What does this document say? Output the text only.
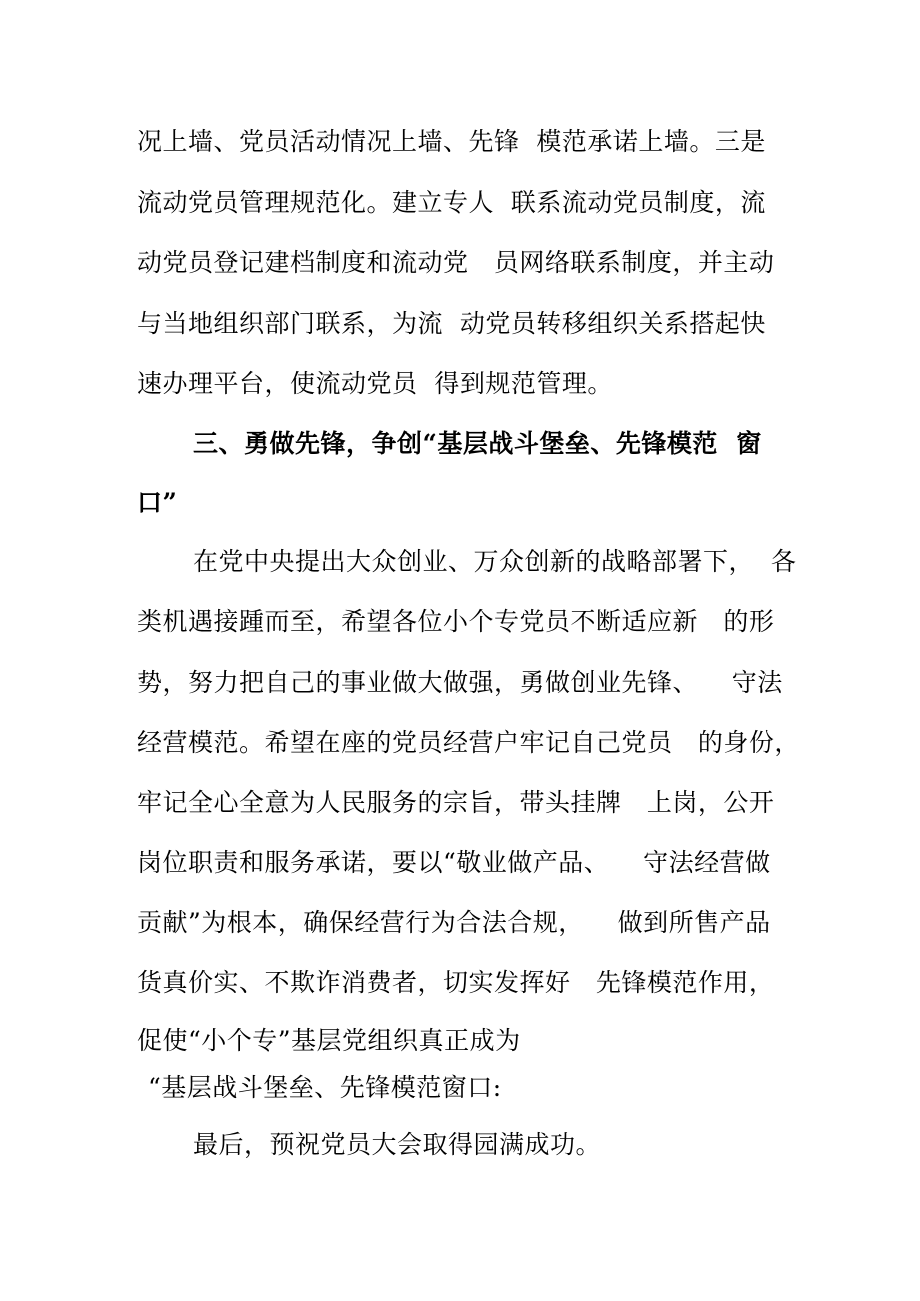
况上墙、党员活动情况上墙、先锋  模范承诺上墙。三是
流动党员管理规范化。建立专人  联系流动党员制度，流
动党员登记建档制度和流动党   员网络联系制度，并主动
与当地组织部门联系，为流  动党员转移组织关系搭起快
速办理平台，使流动党员  得到规范管理。
三、勇做先锋，争创“基层战斗堡垒、先锋模范  窗
口”
在党中央提出大众创业、万众创新的战略部署下，  各
类机遇接踵而至，希望各位小个专党员不断适应新   的形
势，努力把自己的事业做大做强，勇做创业先锋、    守法
经营模范。希望在座的党员经营户牢记自己党员   的身份，
牢记全心全意为人民服务的宗旨，带头挂牌   上岗，公开
岗位职责和服务承诺，要以“敬业做产品、    守法经营做
贡献”为根本，确保经营行为合法合规，    做到所售产品
货真价实、不欺诈消费者，切实发挥好   先锋模范作用，
促使“小个专”基层党组织真正成为
“基层战斗堡垒、先锋模范窗口:
最后，预祝党员大会取得园满成功。
